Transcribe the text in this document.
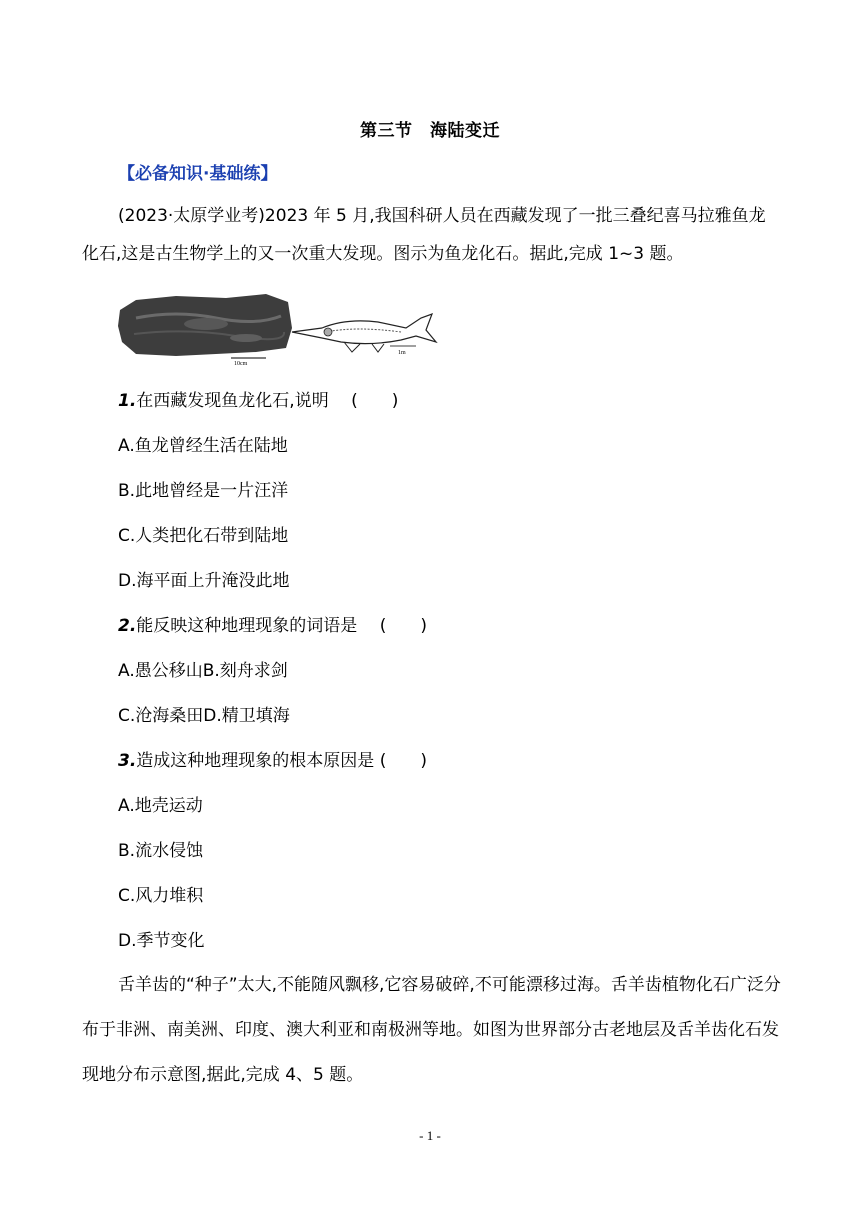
第三节　海陆变迁
【必备知识·基础练】
(2023·太原学业考)2023 年 5 月,我国科研人员在西藏发现了一批三叠纪喜马拉雅鱼龙化石,这是古生物学上的又一次重大发现。图示为鱼龙化石。据此,完成 1~3 题。
10cm
1m
1.在西藏发现鱼龙化石,说明　 (　　)
A.鱼龙曾经生活在陆地
B.此地曾经是一片汪洋
C.人类把化石带到陆地
D.海平面上升淹没此地
2.能反映这种地理现象的词语是　 (　　)
A.愚公移山B.刻舟求剑
C.沧海桑田D.精卫填海
3.造成这种地理现象的根本原因是 (　　)
A.地壳运动
B.流水侵蚀
C.风力堆积
D.季节变化
舌羊齿的“种子”太大,不能随风飘移,它容易破碎,不可能漂移过海。舌羊齿植物化石广泛分布于非洲、南美洲、印度、澳大利亚和南极洲等地。如图为世界部分古老地层及舌羊齿化石发现地分布示意图,据此,完成 4、5 题。
- 1 -
